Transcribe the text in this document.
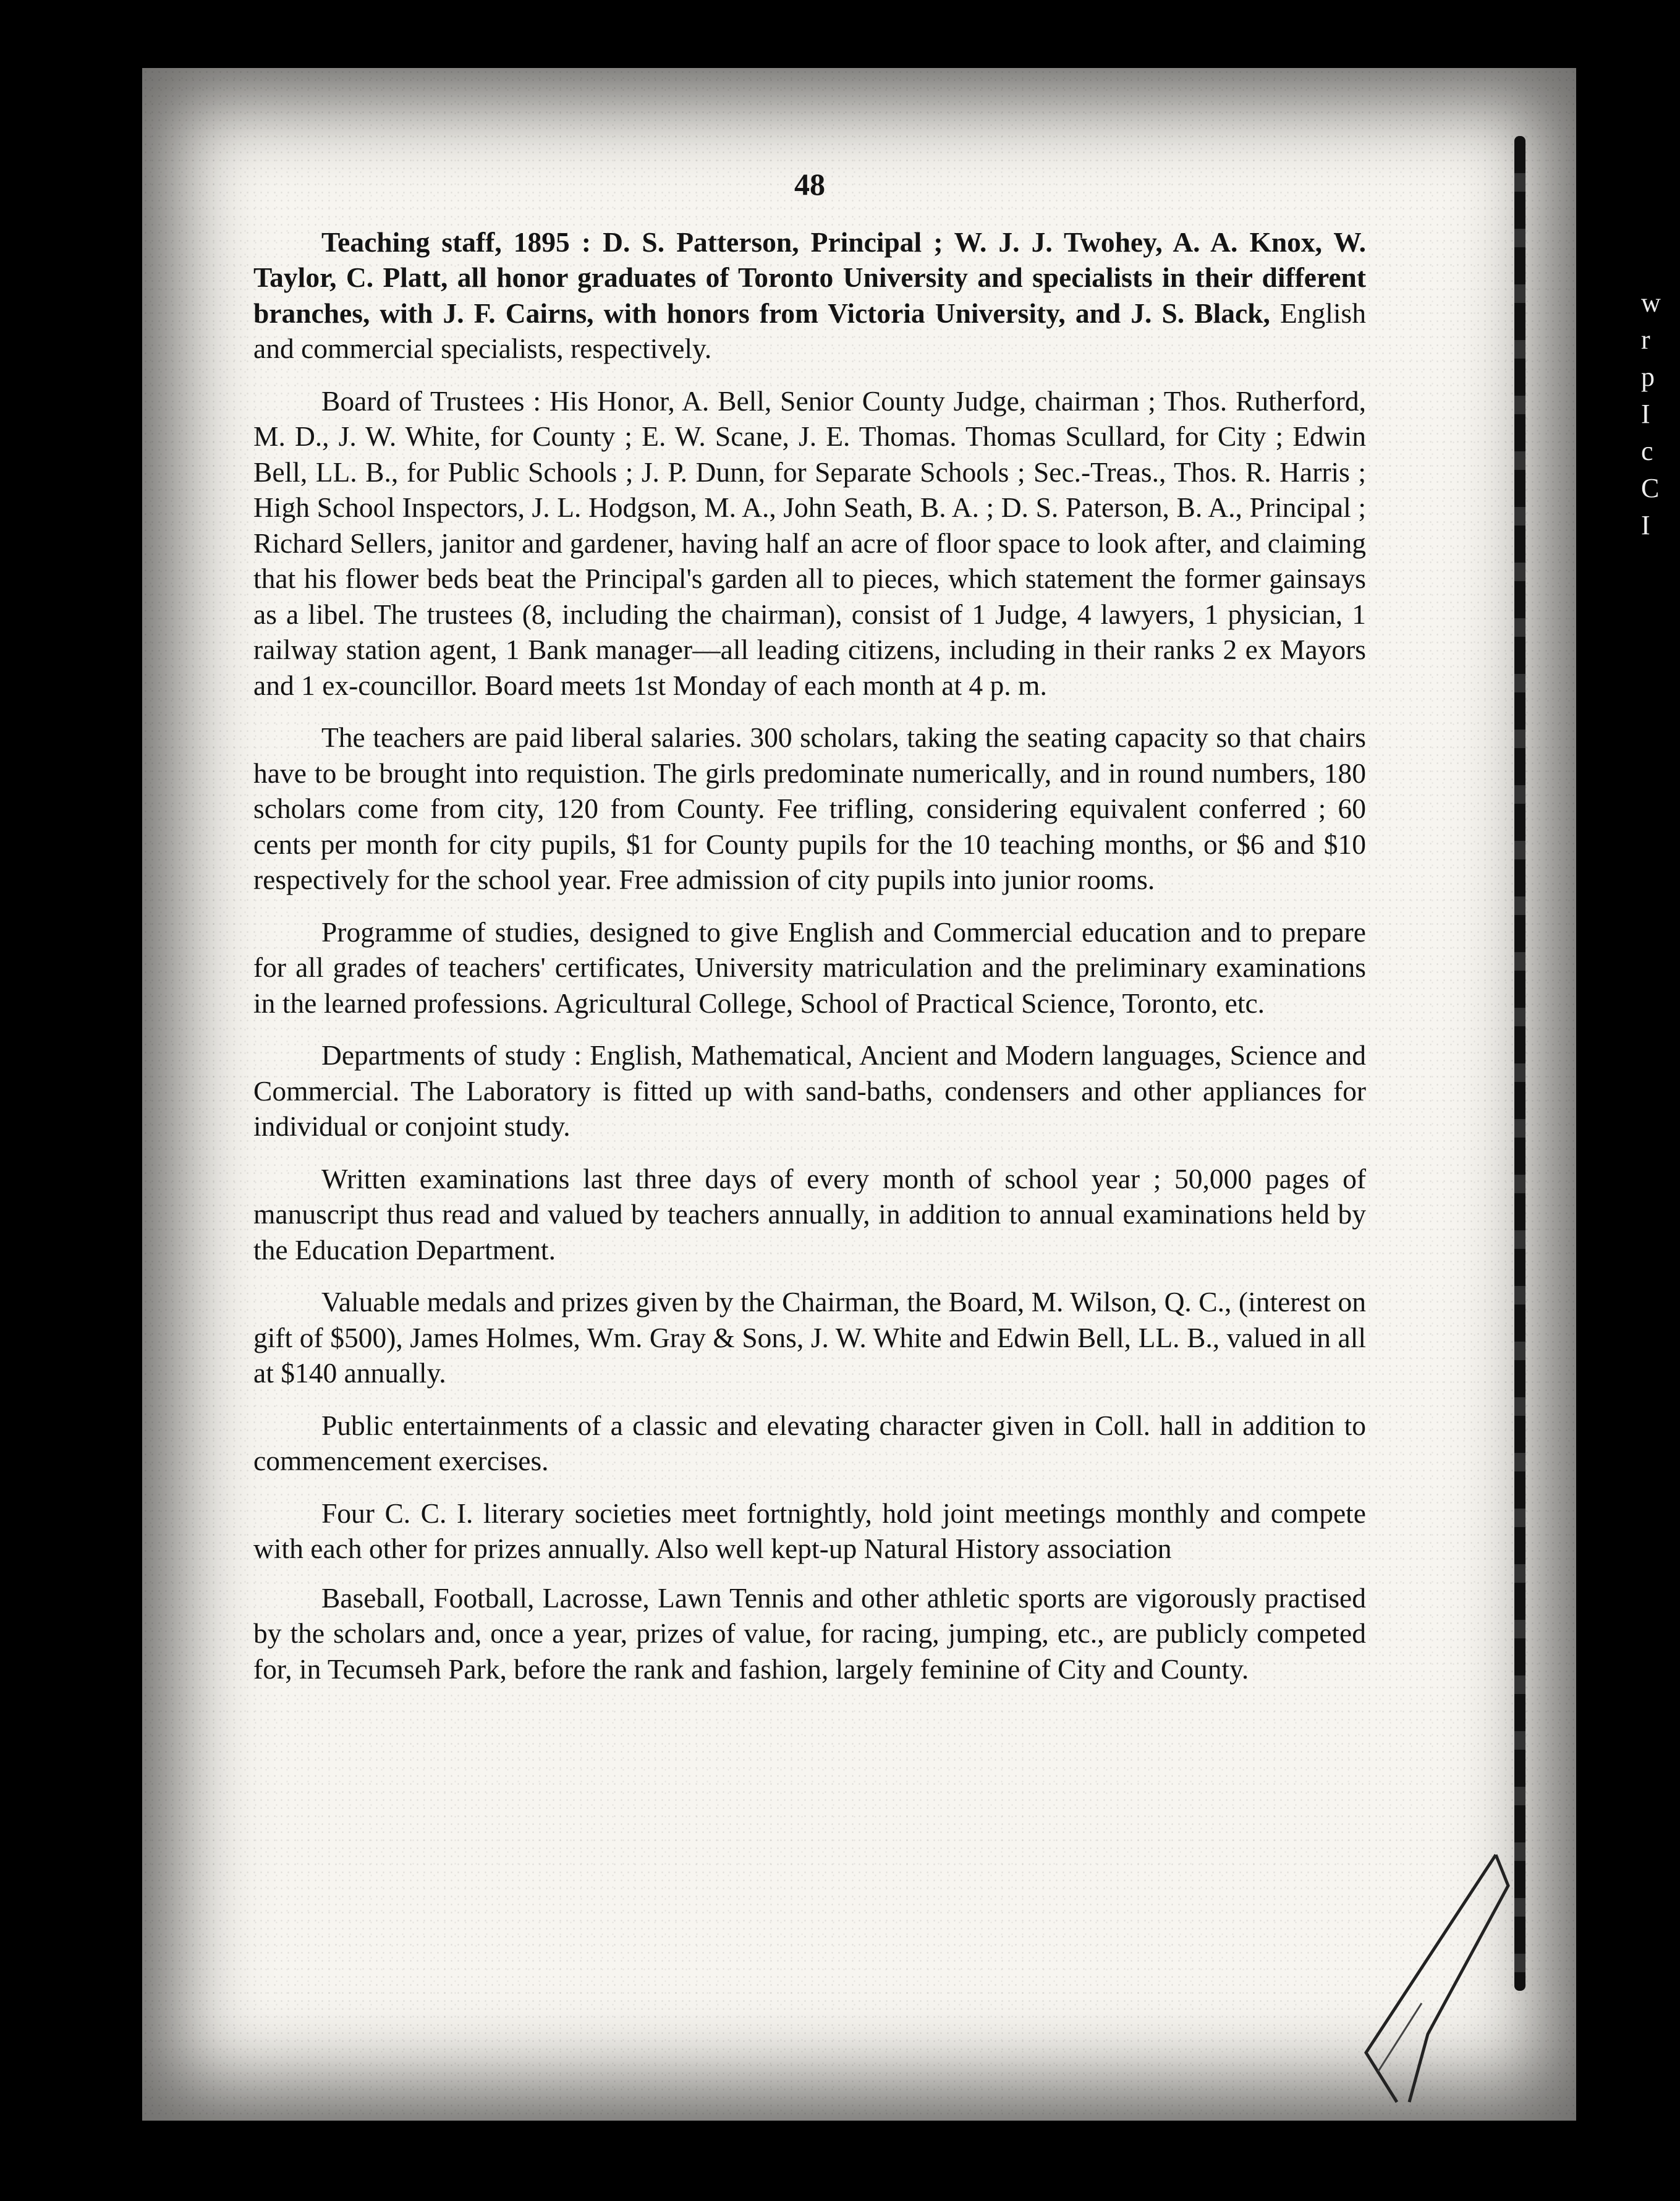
w
r
p
I
c
C
I
48

Teaching staff, 1895 : D. S. Patterson, Principal ; W. J. J. Twohey, A. A. Knox, W. Taylor, C. Platt, all honor graduates of Toronto University and specialists in their different branches, with J. F. Cairns, with honors from Victoria University, and J. S. Black, English and commercial specialists, respectively.

Board of Trustees : His Honor, A. Bell, Senior County Judge, chairman ; Thos. Rutherford, M. D., J. W. White, for County ; E. W. Scane, J. E. Thomas. Thomas Scullard, for City ; Edwin Bell, LL. B., for Public Schools ; J. P. Dunn, for Separate Schools ; Sec.-Treas., Thos. R. Harris ; High School Inspectors, J. L. Hodgson, M. A., John Seath, B. A. ; D. S. Paterson, B. A., Principal ; Richard Sellers, janitor and gardener, having half an acre of floor space to look after, and claiming that his flower beds beat the Principal's garden all to pieces, which statement the former gainsays as a libel. The trustees (8, including the chairman), consist of 1 Judge, 4 lawyers, 1 physician, 1 railway station agent, 1 Bank manager—all leading citizens, including in their ranks 2 ex Mayors and 1 ex-councillor. Board meets 1st Monday of each month at 4 p. m.

The teachers are paid liberal salaries. 300 scholars, taking the seating capacity so that chairs have to be brought into requistion. The girls predominate numerically, and in round numbers, 180 scholars come from city, 120 from County. Fee trifling, considering equivalent conferred ; 60 cents per month for city pupils, $1 for County pupils for the 10 teaching months, or $6 and $10 respectively for the school year. Free admission of city pupils into junior rooms.

Programme of studies, designed to give English and Commercial education and to prepare for all grades of teachers' certificates, University matriculation and the preliminary examinations in the learned professions. Agricultural College, School of Practical Science, Toronto, etc.

Departments of study : English, Mathematical, Ancient and Modern languages, Science and Commercial. The Laboratory is fitted up with sand-baths, condensers and other appliances for individual or conjoint study.

Written examinations last three days of every month of school year ; 50,000 pages of manuscript thus read and valued by teachers annually, in addition to annual examinations held by the Education Department.

Valuable medals and prizes given by the Chairman, the Board, M. Wilson, Q. C., (interest on gift of $500), James Holmes, Wm. Gray & Sons, J. W. White and Edwin Bell, LL. B., valued in all at $140 annually.

Public entertainments of a classic and elevating character given in Coll. hall in addition to commencement exercises.

Four C. C. I. literary societies meet fortnightly, hold joint meetings monthly and compete with each other for prizes annually. Also well kept-up Natural History association

Baseball, Football, Lacrosse, Lawn Tennis and other athletic sports are vigorously practised by the scholars and, once a year, prizes of value, for racing, jumping, etc., are publicly competed for, in Tecumseh Park, before the rank and fashion, largely feminine of City and County.
